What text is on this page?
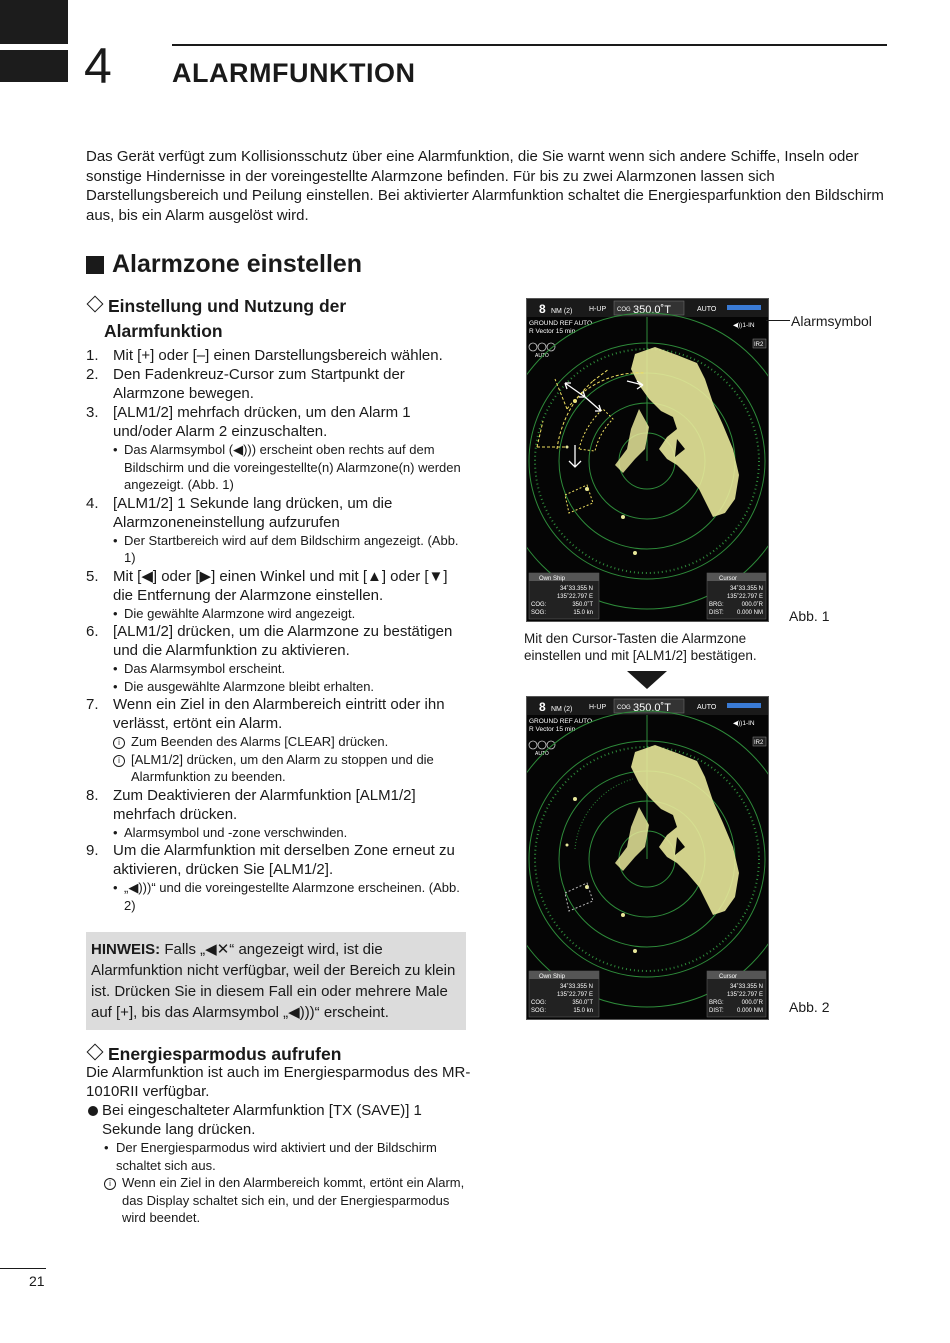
4 ALARMFUNKTION
Das Gerät verfügt zum Kollisionsschutz über eine Alarmfunktion, die Sie warnt wenn sich andere Schiffe, Inseln oder sonstige Hindernisse in der voreingestellte Alarmzone befinden. Für bis zu zwei Alarmzonen lassen sich Darstellungsbereich und Peilung einstellen. Bei aktivierter Alarmfunktion schaltet die Energiesparfunktion den Bildschirm aus, bis ein Alarm ausgelöst wird.
Alarmzone einstellen
Einstellung und Nutzung der
Alarmfunktion
1. Mit [+] oder [–] einen Darstellungsbereich wählen.
2. Den Fadenkreuz-Cursor zum Startpunkt der Alarmzone bewegen.
3. [ALM1/2] mehrfach drücken, um den Alarm 1 und/oder Alarm 2 einzuschalten.
• Das Alarmsymbol (◀))) erscheint oben rechts auf dem Bildschirm und die voreingestellte(n) Alarmzone(n) werden angezeigt. (Abb. 1)
4. [ALM1/2] 1 Sekunde lang drücken, um die Alarmzoneneinstellung aufzurufen
• Der Startbereich wird auf dem Bildschirm angezeigt. (Abb. 1)
5. Mit [◀] oder [▶] einen Winkel und mit [▲] oder [▼] die Entfernung der Alarmzone einstellen.
• Die gewählte Alarmzone wird angezeigt.
6. [ALM1/2] drücken, um die Alarmzone zu bestätigen und die Alarmfunktion zu aktivieren.
• Das Alarmsymbol erscheint.
• Die ausgewählte Alarmzone bleibt erhalten.
7. Wenn ein Ziel in den Alarmbereich eintritt oder ihn verlässt, ertönt ein Alarm.
i Zum Beenden des Alarms [CLEAR] drücken.
i [ALM1/2] drücken, um den Alarm zu stoppen und die Alarmfunktion zu beenden.
8. Zum Deaktivieren der Alarmfunktion [ALM1/2] mehrfach drücken.
• Alarmsymbol und -zone verschwinden.
9. Um die Alarmfunktion mit derselben Zone erneut zu aktivieren, drücken Sie [ALM1/2].
• „◀)))“ und die voreingestellte Alarmzone erscheinen. (Abb. 2)

HINWEIS: Falls „◀✕“ angezeigt wird, ist die Alarmfunktion nicht verfügbar, weil der Bereich zu klein ist. Drücken Sie in diesem Fall ein oder mehrere Male auf [+], bis das Alarmsymbol „◀)))“ erscheint.

Energiesparmodus aufrufen
Die Alarmfunktion ist auch im Energiesparmodus des MR-1010RII verfügbar.
Bei eingeschalteter Alarmfunktion [TX (SAVE)] 1 Sekunde lang drücken.
• Der Energiesparmodus wird aktiviert und der Bildschirm schaltet sich aus.
i Wenn ein Ziel in den Alarmbereich kommt, ertönt ein Alarm, das Display schaltet sich ein, und der Energiesparmodus wird beendet.
21
8 NM (2) H-UP COG 350.0˚T	AUTO
GROUND REF AUTO
R Vector 15 min
◀))1-IN
IR2
AUTO
Own Ship
34˚33.355 N
135˚22.797 E
COG:	350.0˚T
SOG:	15.0 kn
Cursor
34˚33.355 N
135˚22.797 E
BRG:	000.0˚R
DIST: 0.000 NM
Alarmsymbol
Abb. 1
Mit den Cursor-Tasten die Alarmzone einstellen und mit [ALM1/2] bestätigen.
8 NM (2) H-UP COG 350.0˚T	AUTO
GROUND REF AUTO
R Vector 15 min
◀))1-IN
IR2
AUTO
Own Ship
34˚33.355 N
135˚22.797 E
COG:	350.0˚T
SOG:	15.0 kn
Cursor
34˚33.355 N
135˚22.797 E
BRG:	000.0˚R
DIST: 0.000 NM Abb. 2
